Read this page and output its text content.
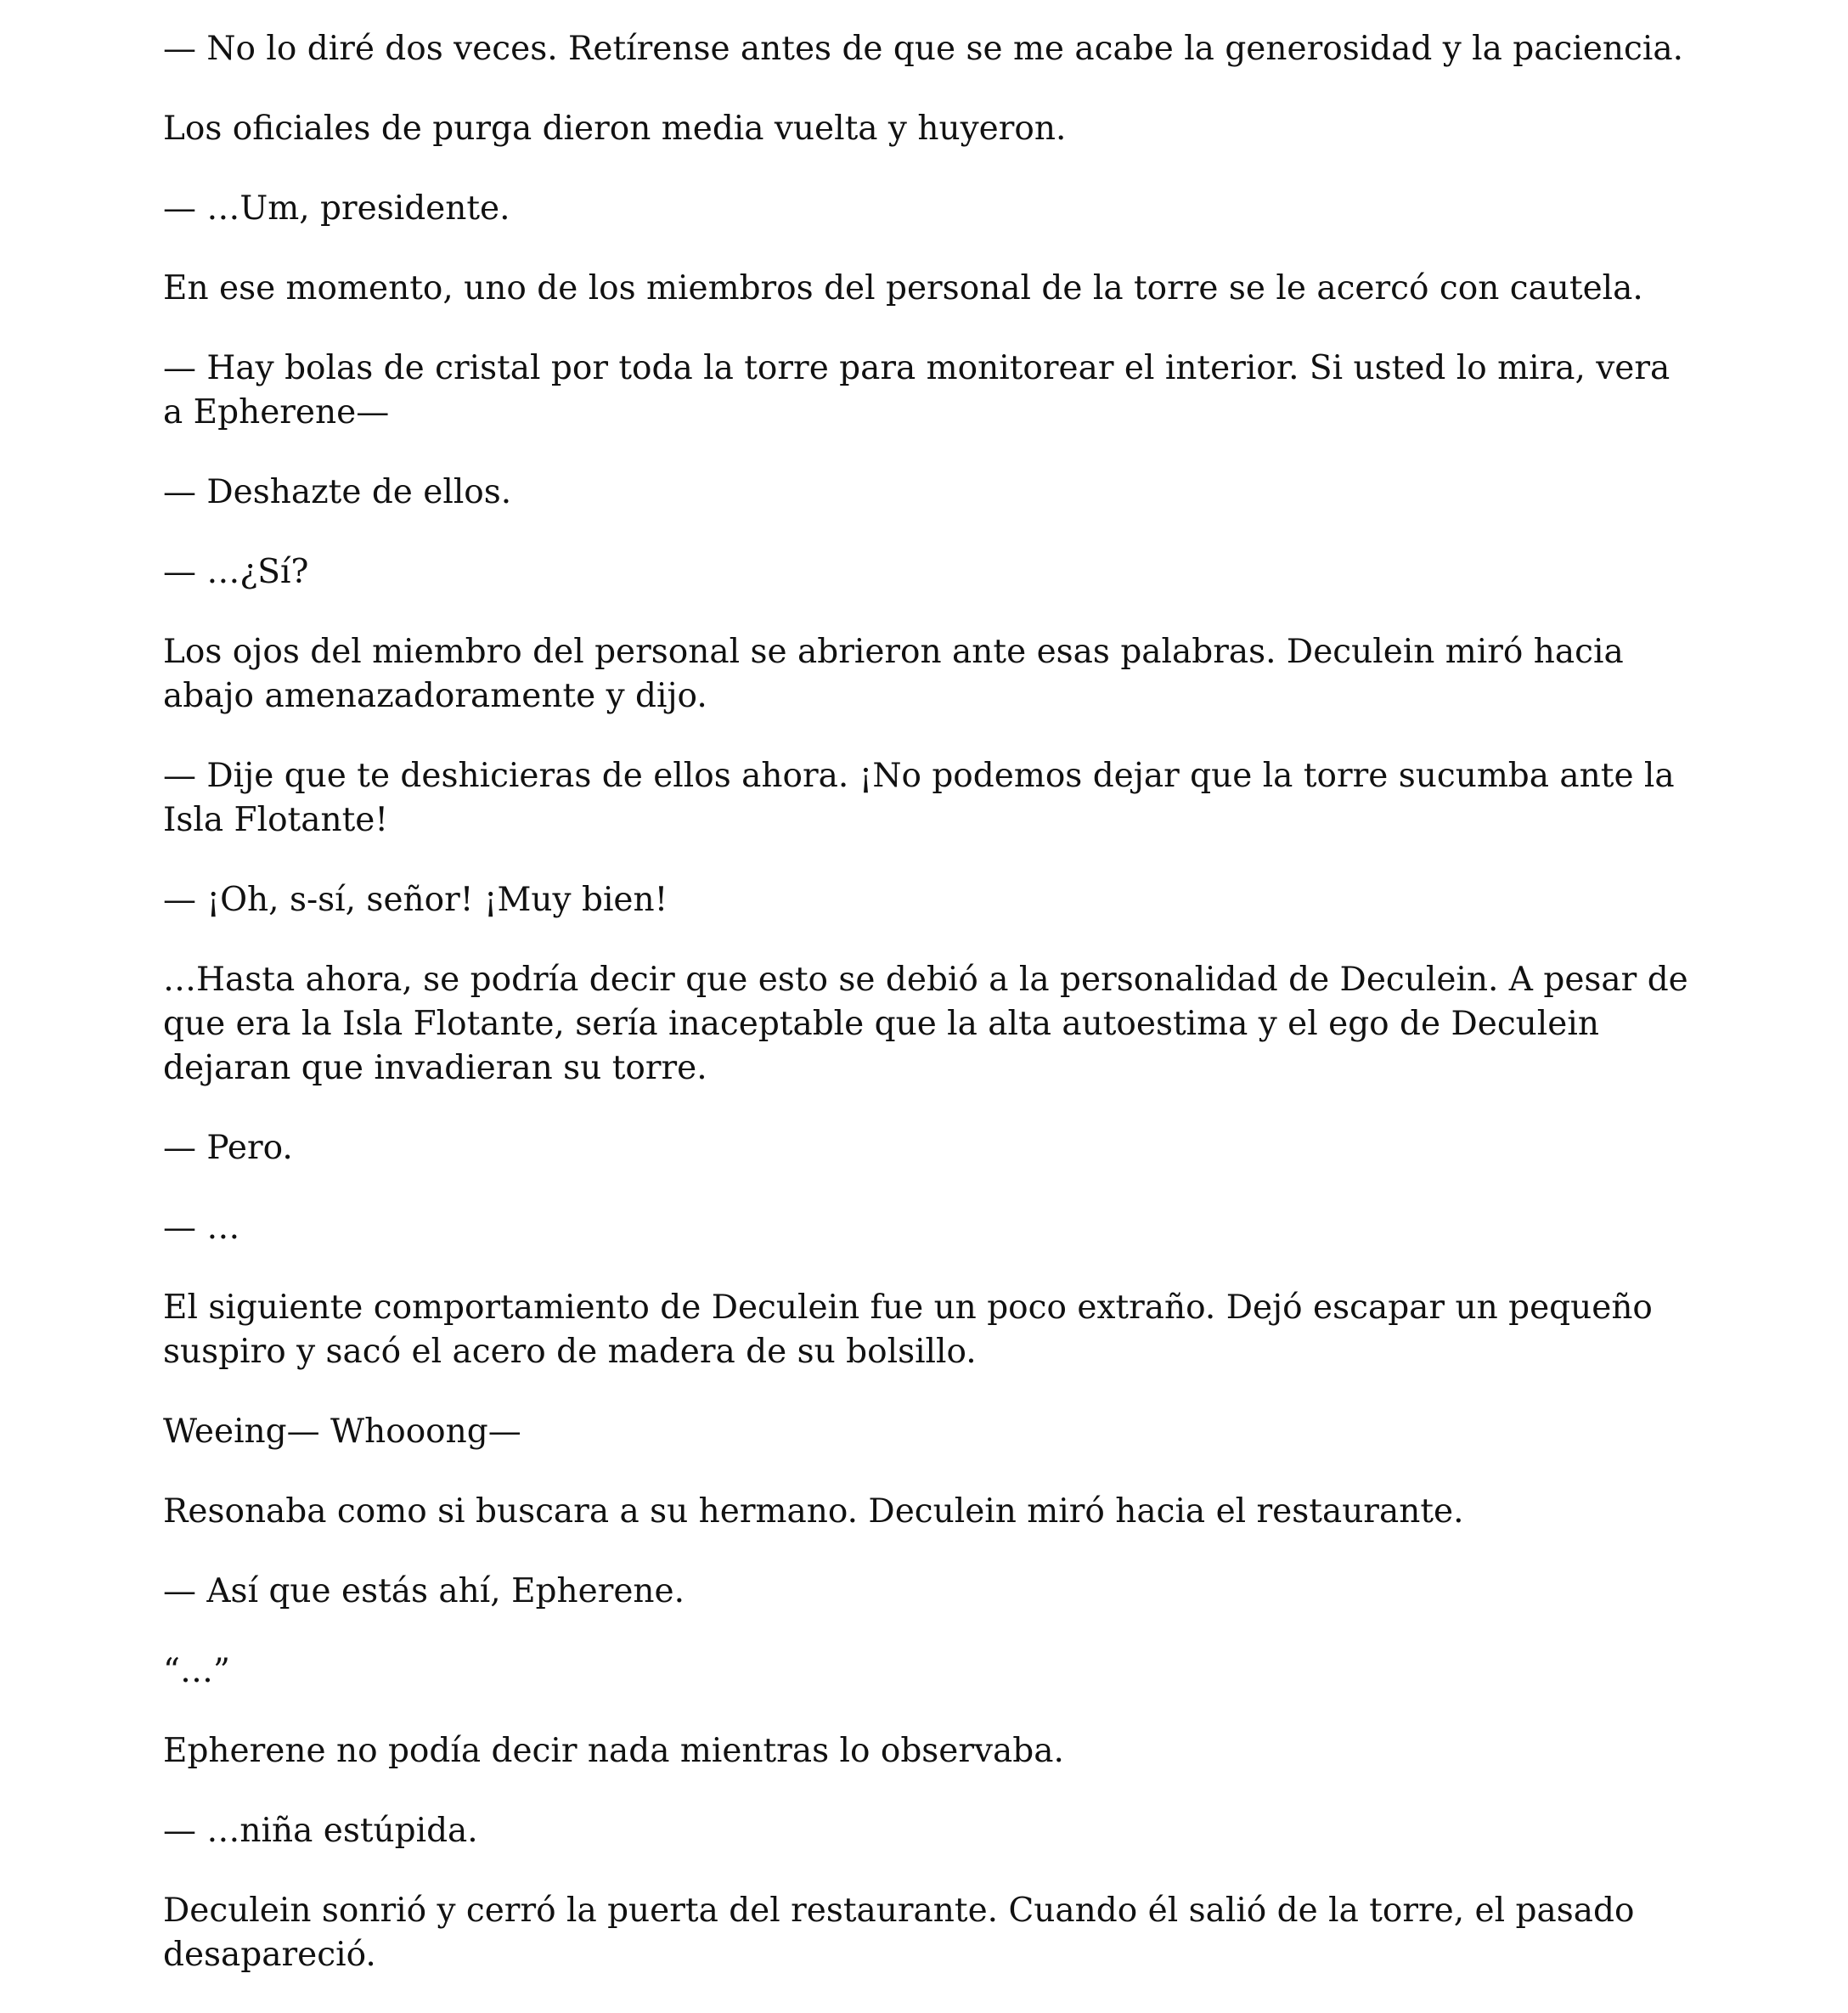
— No lo diré dos veces. Retírense antes de que se me acabe la generosidad y la paciencia.

Los oficiales de purga dieron media vuelta y huyeron.

— …Um, presidente.

En ese momento, uno de los miembros del personal de la torre se le acercó con cautela.

— Hay bolas de cristal por toda la torre para monitorear el interior. Si usted lo mira, vera a Epherene—

— Deshazte de ellos.

— …¿Sí?

Los ojos del miembro del personal se abrieron ante esas palabras. Deculein miró hacia abajo amenazadoramente y dijo.

— Dije que te deshicieras de ellos ahora. ¡No podemos dejar que la torre sucumba ante la Isla Flotante!

— ¡Oh, s-sí, señor! ¡Muy bien!

…Hasta ahora, se podría decir que esto se debió a la personalidad de Deculein. A pesar de que era la Isla Flotante, sería inaceptable que la alta autoestima y el ego de Deculein dejaran que invadieran su torre.

— Pero.

— …

El siguiente comportamiento de Deculein fue un poco extraño. Dejó escapar un pequeño suspiro y sacó el acero de madera de su bolsillo.

Weeing— Whooong—

Resonaba como si buscara a su hermano. Deculein miró hacia el restaurante.

— Así que estás ahí, Epherene.

“…”

Epherene no podía decir nada mientras lo observaba.

— …niña estúpida.

Deculein sonrió y cerró la puerta del restaurante. Cuando él salió de la torre, el pasado desapareció.
